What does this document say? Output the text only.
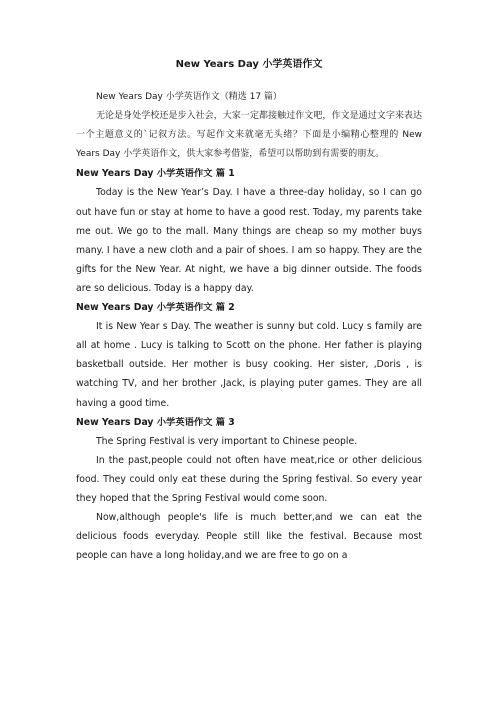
New Years Day 小学英语作文

New Years Day 小学英语作文（精选 17 篇）

无论是身处学校还是步入社会，大家一定都接触过作文吧，作文是通过文字来表达一个主题意义的`记叙方法。写起作文来就毫无头绪？下面是小编精心整理的 New Years Day 小学英语作文，供大家参考借鉴，希望可以帮助到有需要的朋友。

New Years Day 小学英语作文 篇 1

Today is the New Year’s Day. I have a three-day holiday, so I can go out have fun or stay at home to have a good rest. Today, my parents take me out. We go to the mall. Many things are cheap so my mother buys many. I have a new cloth and a pair of shoes. I am so happy. They are the gifts for the New Year. At night, we have a big dinner outside. The foods are so delicious. Today is a happy day.

New Years Day 小学英语作文 篇 2

It is New Year s Day. The weather is sunny but cold. Lucy s family are all at home . Lucy is talking to Scott on the phone. Her father is playing basketball outside. Her mother is busy cooking. Her sister, ,Doris , is watching TV, and her brother ,Jack, is playing puter games. They are all having a good time.

New Years Day 小学英语作文 篇 3

The Spring Festival is very important to Chinese people.

In the past,people could not often have meat,rice or other delicious food. They could only eat these during the Spring festival. So every year they hoped that the Spring Festival would come soon.

Now,although people's life is much better,and we can eat the delicious foods everyday. People still like the festival. Because most people can have a long holiday,and we are free to go on a
